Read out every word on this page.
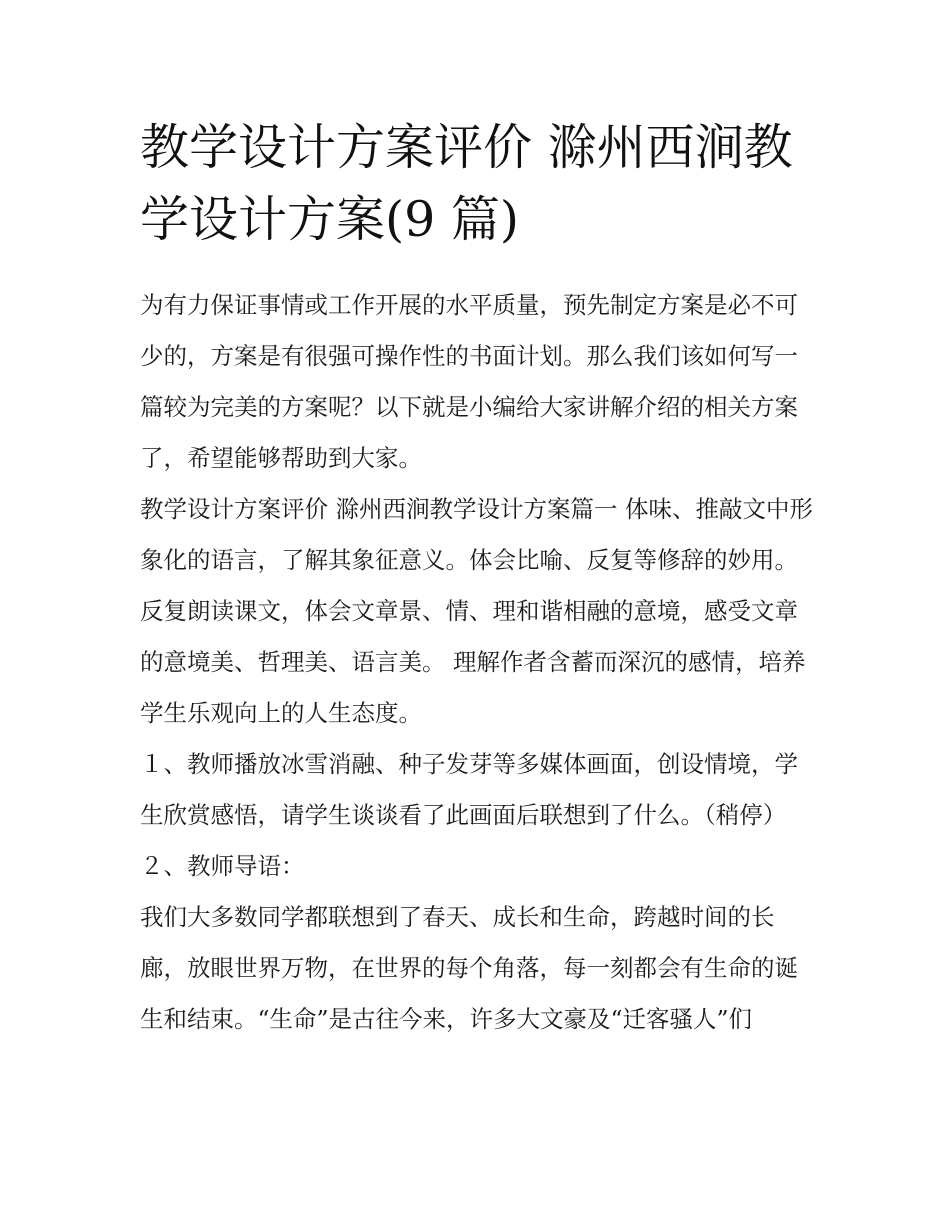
教学设计方案评价 滁州西涧教学设计方案(9 篇)

为有力保证事情或工作开展的水平质量，预先制定方案是必不可少的，方案是有很强可操作性的书面计划。那么我们该如何写一篇较为完美的方案呢？以下就是小编给大家讲解介绍的相关方案了，希望能够帮助到大家。

教学设计方案评价 滁州西涧教学设计方案篇一 体味、推敲文中形象化的语言，了解其象征意义。体会比喻、反复等修辞的妙用。

反复朗读课文，体会文章景、情、理和谐相融的意境，感受文章的意境美、哲理美、语言美。 理解作者含蓄而深沉的感情，培养学生乐观向上的人生态度。

１、教师播放冰雪消融、种子发芽等多媒体画面，创设情境，学生欣赏感悟，请学生谈谈看了此画面后联想到了什么。（稍停） ２、教师导语：

我们大多数同学都联想到了春天、成长和生命，跨越时间的长廊，放眼世界万物，在世界的每个角落，每一刻都会有生命的诞生和结束。“生命”是古往今来，许多大文豪及“迁客骚人”们
